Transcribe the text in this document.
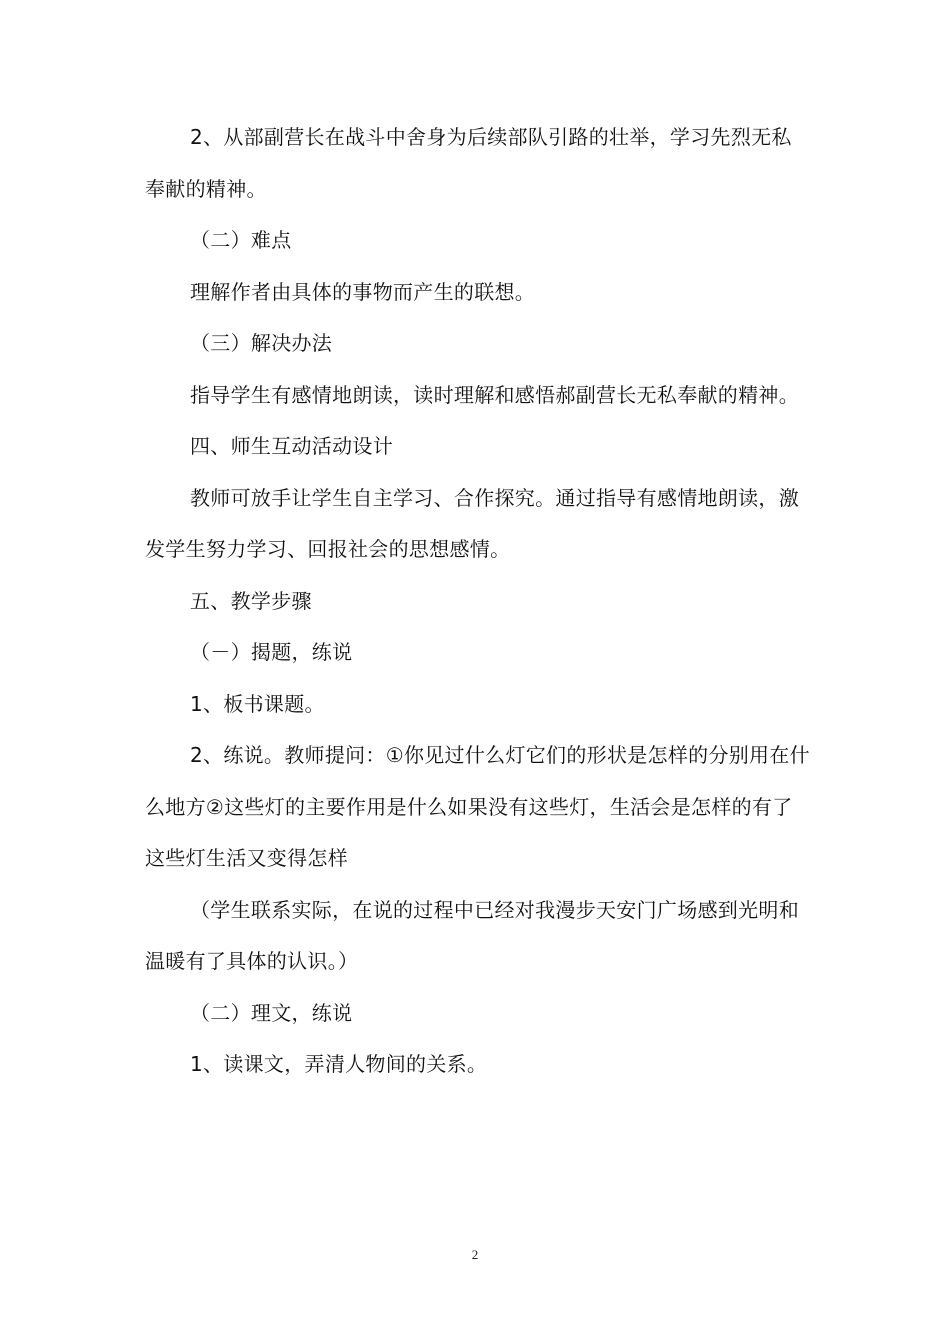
2、从部副营长在战斗中舍身为后续部队引路的壮举，学习先烈无私奉献的精神。

（二）难点

理解作者由具体的事物而产生的联想。

（三）解决办法

指导学生有感情地朗读，读时理解和感悟郝副营长无私奉献的精神。

四、师生互动活动设计

教师可放手让学生自主学习、合作探究。通过指导有感情地朗读，激发学生努力学习、回报社会的思想感情。

五、教学步骤

（－）揭题，练说

1、板书课题。

2、练说。教师提问：①你见过什么灯它们的形状是怎样的分别用在什么地方②这些灯的主要作用是什么如果没有这些灯，生活会是怎样的有了这些灯生活又变得怎样

（学生联系实际，在说的过程中已经对我漫步天安门广场感到光明和温暖有了具体的认识。）

（二）理文，练说

1、读课文，弄清人物间的关系。

2
